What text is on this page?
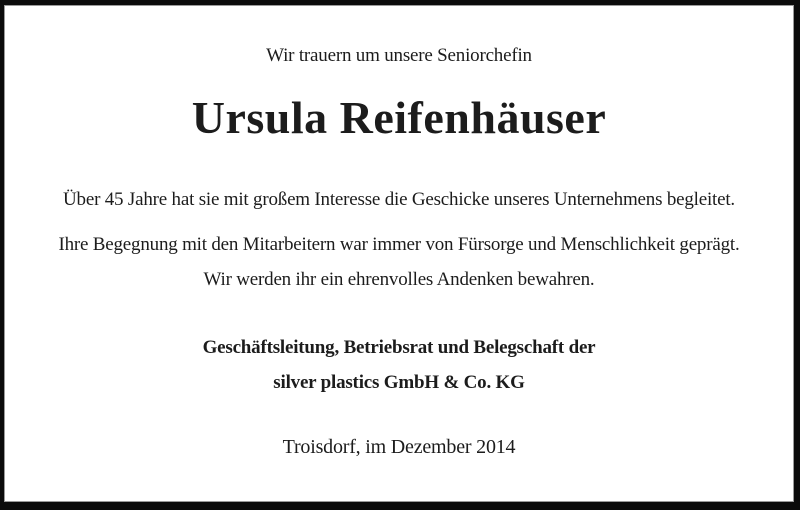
Wir trauern um unsere Seniorchefin
Ursula Reifenhäuser
Über 45 Jahre hat sie mit großem Interesse die Geschicke unseres Unternehmens begleitet.
Ihre Begegnung mit den Mitarbeitern war immer von Fürsorge und Menschlichkeit geprägt.
Wir werden ihr ein ehrenvolles Andenken bewahren.
Geschäftsleitung, Betriebsrat und Belegschaft der
silver plastics GmbH & Co. KG
Troisdorf, im Dezember 2014
